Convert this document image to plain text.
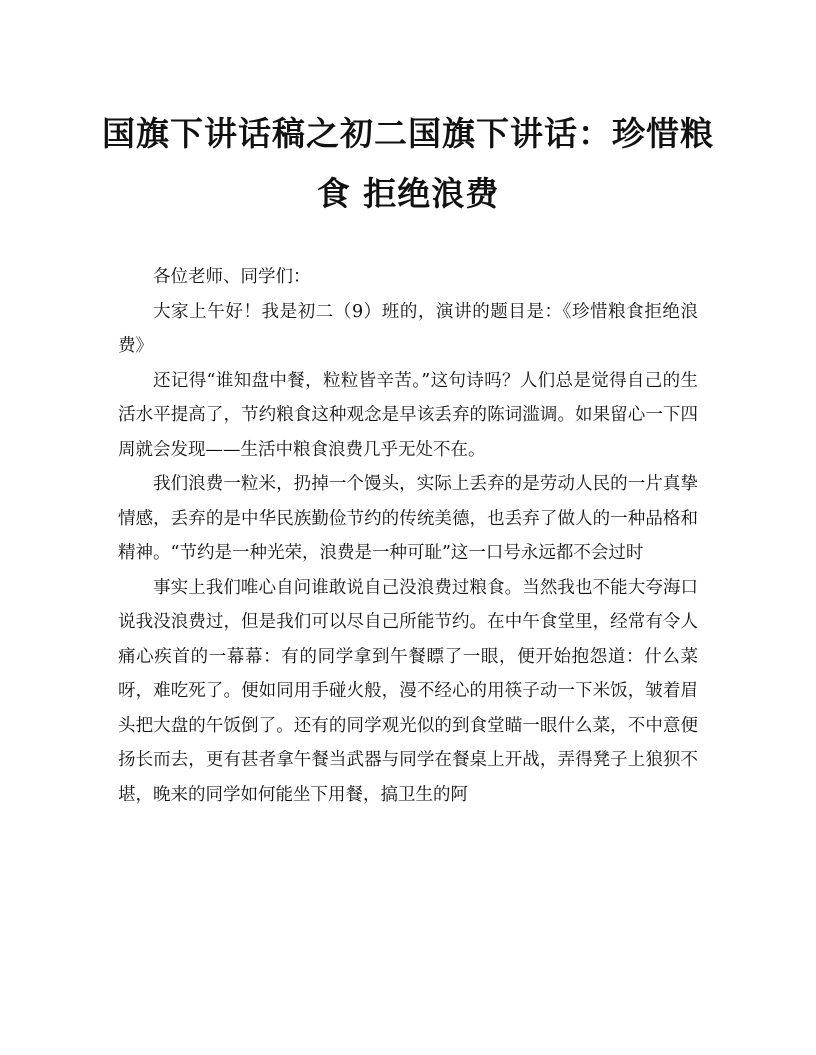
国旗下讲话稿之初二国旗下讲话：珍惜粮食 拒绝浪费

各位老师、同学们：

大家上午好！我是初二（9）班的，演讲的题目是：《珍惜粮食拒绝浪费》

还记得“谁知盘中餐，粒粒皆辛苦。”这句诗吗？人们总是觉得自己的生活水平提高了，节约粮食这种观念是早该丢弃的陈词滥调。如果留心一下四周就会发现——生活中粮食浪费几乎无处不在。

我们浪费一粒米，扔掉一个馒头，实际上丢弃的是劳动人民的一片真挚情感，丢弃的是中华民族勤俭节约的传统美德，也丢弃了做人的一种品格和精神。“节约是一种光荣，浪费是一种可耻”这一口号永远都不会过时

事实上我们唯心自问谁敢说自己没浪费过粮食。当然我也不能大夸海口说我没浪费过，但是我们可以尽自己所能节约。在中午食堂里，经常有令人痛心疾首的一幕幕：有的同学拿到午餐瞟了一眼，便开始抱怨道：什么菜呀，难吃死了。便如同用手碰火般，漫不经心的用筷子动一下米饭，皱着眉头把大盘的午饭倒了。还有的同学观光似的到食堂瞄一眼什么菜，不中意便扬长而去，更有甚者拿午餐当武器与同学在餐桌上开战，弄得凳子上狼狈不堪，晚来的同学如何能坐下用餐，搞卫生的阿
